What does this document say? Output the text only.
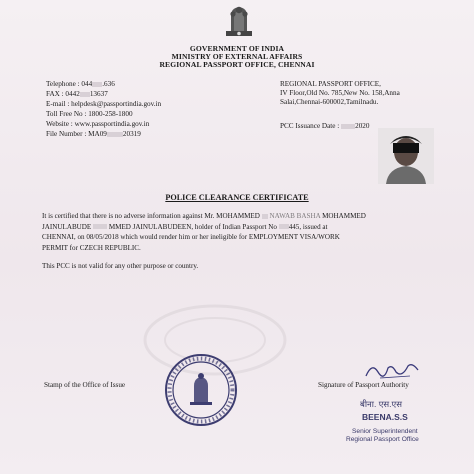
GOVERNMENT OF INDIA
MINISTRY OF EXTERNAL AFFAIRS
REGIONAL PASSPORT OFFICE, CHENNAI
Telephone : 044 .636
FAX : 0442 13637
E-mail : helpdesk@passportindia.gov.in
Toll Free No : 1800-258-1800
Website : www.passportindia.gov.in
File Number : MA09 20319
REGIONAL PASSPORT OFFICE,
IV Floor,Old No. 785,New No. 158,Anna
Salai,Chennai-600002,Tamilnadu.
PCC Issuance Date : 2020
POLICE CLEARANCE CERTIFICATE
It is certified that there is no adverse information against Mr. MOHAMMED NAWAB BASHA MOHAMMED
JAINULABUDE MMED JAINULABUDEEN, holder of Indian Passport No 445, issued at
CHENNAI, on 08/05/2018 which would render him or her ineligible for EMPLOYMENT VISA/WORK
PERMIT for CZECH REPUBLIC.
This PCC is not valid for any other purpose or country.
Stamp of the Office of Issue	Signature of Passport Authority
बीना. एस.एस
BEENA.S.S
Senior Superintendent
Regional Passport Office
